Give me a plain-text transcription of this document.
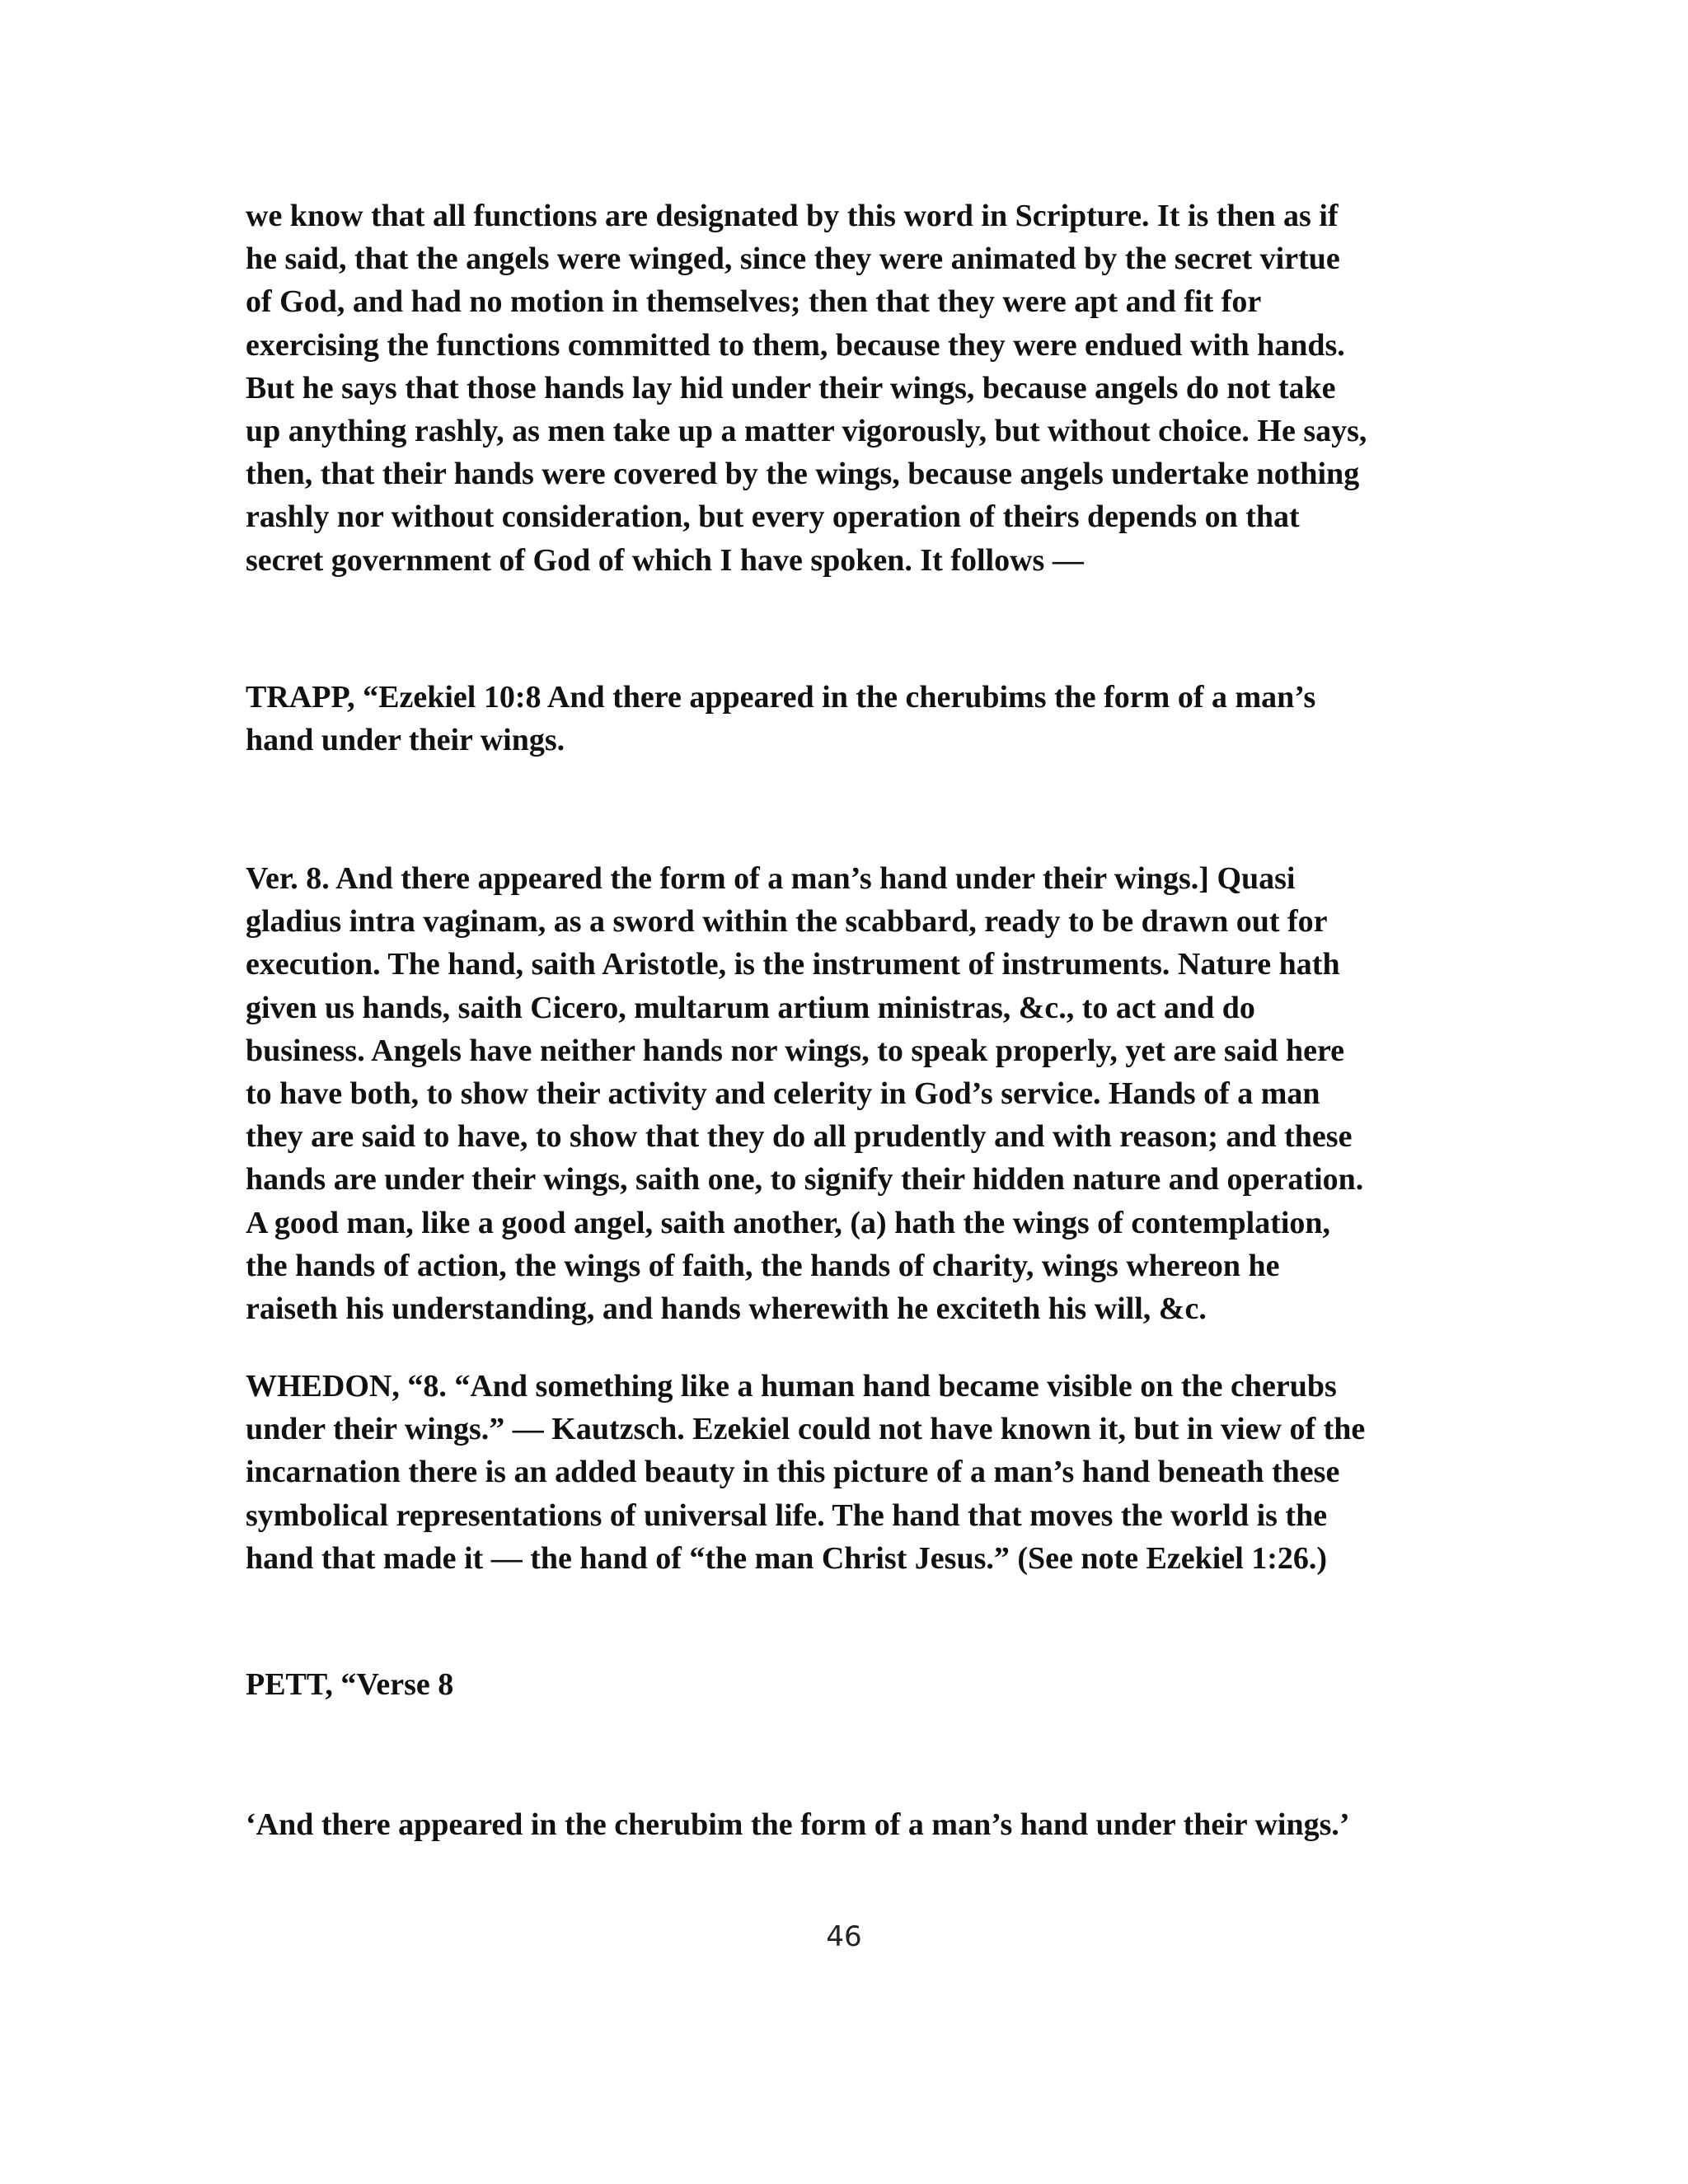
we know that all functions are designated by this word in Scripture. It is then as if
he said, that the angels were winged, since they were animated by the secret virtue
of God, and had no motion in themselves; then that they were apt and fit for
exercising the functions committed to them, because they were endued with hands.
But he says that those hands lay hid under their wings, because angels do not take
up anything rashly, as men take up a matter vigorously, but without choice. He says,
then, that their hands were covered by the wings, because angels undertake nothing
rashly nor without consideration, but every operation of theirs depends on that
secret government of God of which I have spoken. It follows —

TRAPP, “Ezekiel 10:8 And there appeared in the cherubims the form of a man’s
hand under their wings.

Ver. 8. And there appeared the form of a man’s hand under their wings.] Quasi
gladius intra vaginam, as a sword within the scabbard, ready to be drawn out for
execution. The hand, saith Aristotle, is the instrument of instruments. Nature hath
given us hands, saith Cicero, multarum artium ministras, &c., to act and do
business. Angels have neither hands nor wings, to speak properly, yet are said here
to have both, to show their activity and celerity in God’s service. Hands of a man
they are said to have, to show that they do all prudently and with reason; and these
hands are under their wings, saith one, to signify their hidden nature and operation.
A good man, like a good angel, saith another, (a) hath the wings of contemplation,
the hands of action, the wings of faith, the hands of charity, wings whereon he
raiseth his understanding, and hands wherewith he exciteth his will, &c.

WHEDON, “8. “And something like a human hand became visible on the cherubs
under their wings.” — Kautzsch. Ezekiel could not have known it, but in view of the
incarnation there is an added beauty in this picture of a man’s hand beneath these
symbolical representations of universal life. The hand that moves the world is the
hand that made it — the hand of “the man Christ Jesus.” (See note Ezekiel 1:26.)

PETT, “Verse 8

‘And there appeared in the cherubim the form of a man’s hand under their wings.’

46
